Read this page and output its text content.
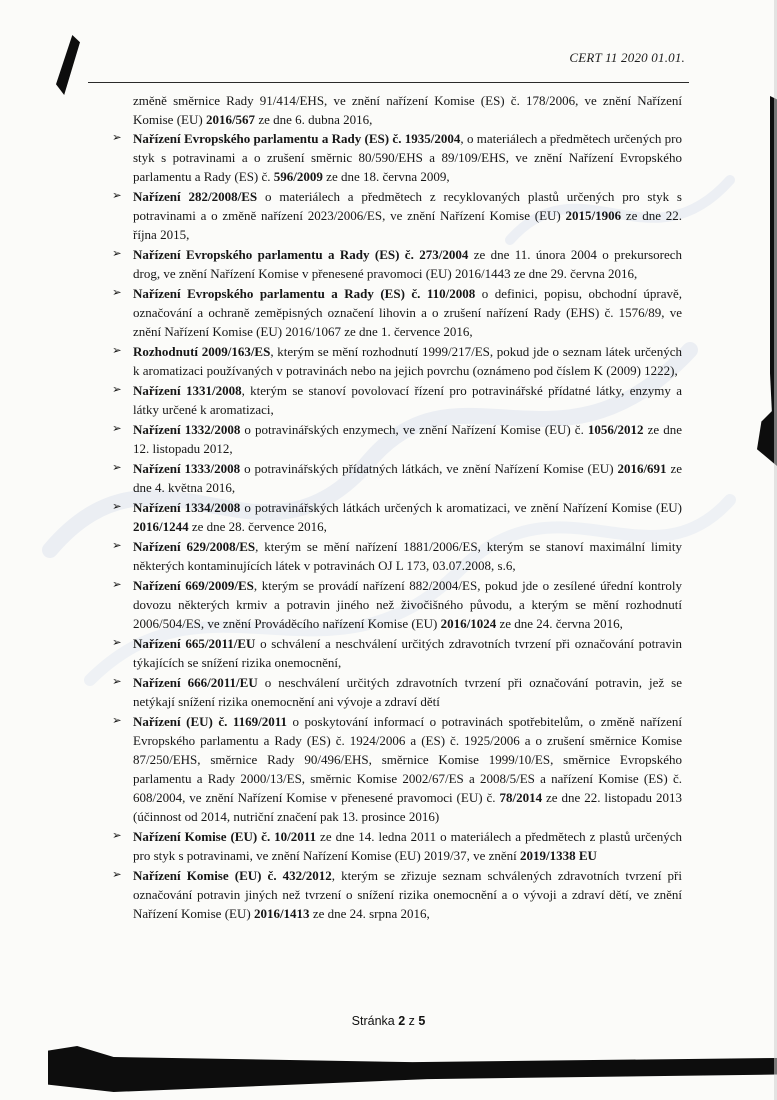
CERT 11 2020 01.01.

změně směrnice Rady 91/414/EHS, ve znění nařízení Komise (ES) č. 178/2006, ve znění Nařízení Komise (EU) 2016/567 ze dne 6. dubna 2016,

➢ Nařízení Evropského parlamentu a Rady (ES) č. 1935/2004, o materiálech a předmětech určených pro styk s potravinami a o zrušení směrnic 80/590/EHS a 89/109/EHS, ve znění Nařízení Evropského parlamentu a Rady (ES) č. 596/2009 ze dne 18. června 2009,
➢ Nařízení 282/2008/ES o materiálech a předmětech z recyklovaných plastů určených pro styk s potravinami a o změně nařízení 2023/2006/ES, ve znění Nařízení Komise (EU) 2015/1906 ze dne 22. října 2015,
➢ Nařízení Evropského parlamentu a Rady (ES) č. 273/2004 ze dne 11. února 2004 o prekursorech drog, ve znění Nařízení Komise v přenesené pravomoci (EU) 2016/1443 ze dne 29. června 2016,
➢ Nařízení Evropského parlamentu a Rady (ES) č. 110/2008 o definici, popisu, obchodní úpravě, označování a ochraně zeměpisných označení lihovin a o zrušení nařízení Rady (EHS) č. 1576/89, ve znění Nařízení Komise (EU) 2016/1067 ze dne 1. července 2016,
➢ Rozhodnutí 2009/163/ES, kterým se mění rozhodnutí 1999/217/ES, pokud jde o seznam látek určených k aromatizaci používaných v potravinách nebo na jejich povrchu (oznámeno pod číslem K (2009) 1222),
➢ Nařízení 1331/2008, kterým se stanoví povolovací řízení pro potravinářské přídatné látky, enzymy a látky určené k aromatizaci,
➢ Nařízení 1332/2008 o potravinářských enzymech, ve znění Nařízení Komise (EU) č. 1056/2012 ze dne 12. listopadu 2012,
➢ Nařízení 1333/2008 o potravinářských přídatných látkách, ve znění Nařízení Komise (EU) 2016/691 ze dne 4. května 2016,
➢ Nařízení 1334/2008 o potravinářských látkách určených k aromatizaci, ve znění Nařízení Komise (EU) 2016/1244 ze dne 28. července 2016,
➢ Nařízení 629/2008/ES, kterým se mění nařízení 1881/2006/ES, kterým se stanoví maximální limity některých kontaminujících látek v potravinách OJ L 173, 03.07.2008, s.6,
➢ Nařízení 669/2009/ES, kterým se provádí nařízení 882/2004/ES, pokud jde o zesílené úřední kontroly dovozu některých krmiv a potravin jiného než živočišného původu, a kterým se mění rozhodnutí 2006/504/ES, ve znění Prováděcího nařízení Komise (EU) 2016/1024 ze dne 24. června 2016,
➢ Nařízení 665/2011/EU o schválení a neschválení určitých zdravotních tvrzení při označování potravin týkajících se snížení rizika onemocnění,
➢ Nařízení 666/2011/EU o neschválení určitých zdravotních tvrzení při označování potravin, jež se netýkají snížení rizika onemocnění ani vývoje a zdraví dětí
➢ Nařízení (EU) č. 1169/2011 o poskytování informací o potravinách spotřebitelům, o změně nařízení Evropského parlamentu a Rady (ES) č. 1924/2006 a (ES) č. 1925/2006 a o zrušení směrnice Komise 87/250/EHS, směrnice Rady 90/496/EHS, směrnice Komise 1999/10/ES, směrnice Evropského parlamentu a Rady 2000/13/ES, směrnic Komise 2002/67/ES a 2008/5/ES a nařízení Komise (ES) č. 608/2004, ve znění Nařízení Komise v přenesené pravomoci (EU) č. 78/2014 ze dne 22. listopadu 2013 (účinnost od 2014, nutriční značení pak 13. prosince 2016)
➢ Nařízení Komise (EU) č. 10/2011 ze dne 14. ledna 2011 o materiálech a předmětech z plastů určených pro styk s potravinami, ve znění Nařízení Komise (EU) 2019/37, ve znění 2019/1338 EU
➢ Nařízení Komise (EU) č. 432/2012, kterým se zřizuje seznam schválených zdravotních tvrzení při označování potravin jiných než tvrzení o snížení rizika onemocnění a o vývoji a zdraví dětí, ve znění Nařízení Komise (EU) 2016/1413 ze dne 24. srpna 2016,
Stránka 2 z 5
